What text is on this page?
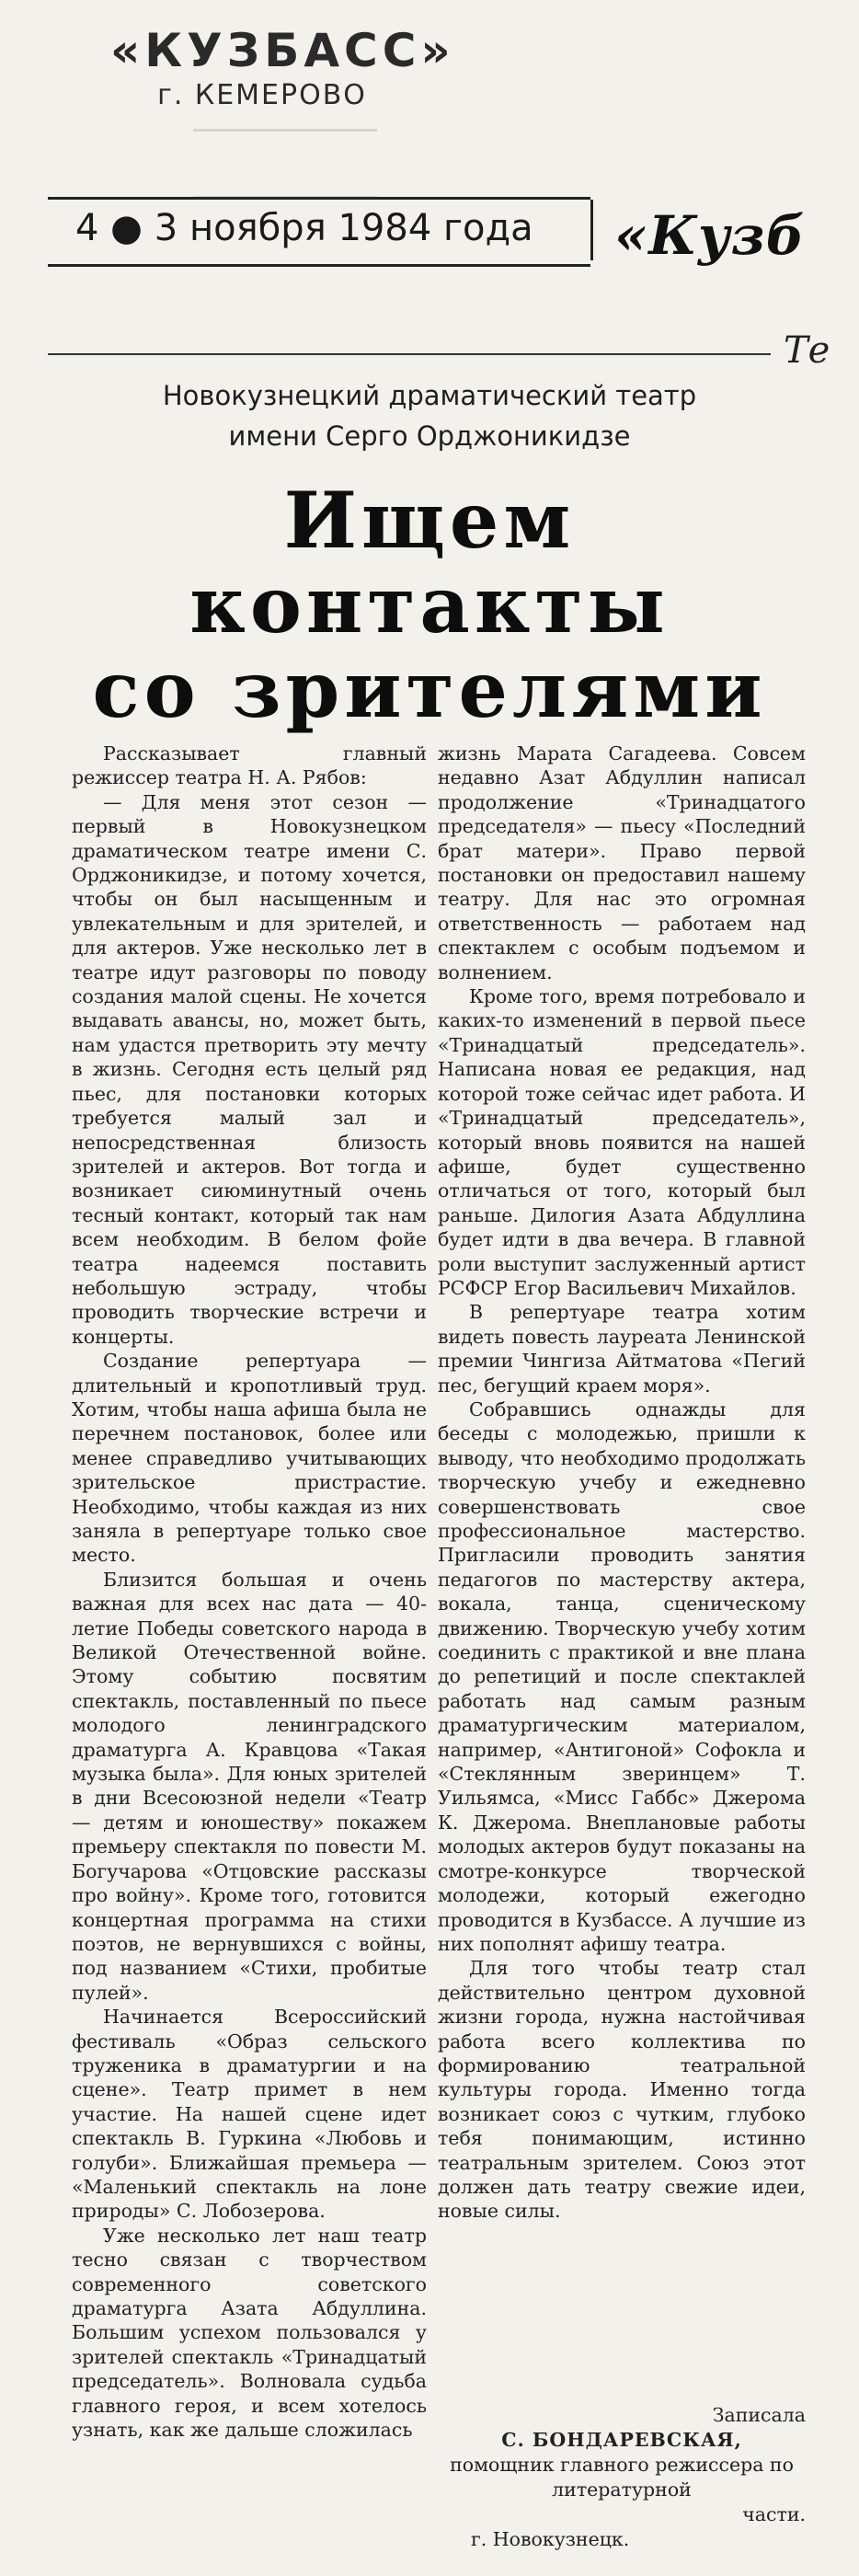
«КУЗБАСС»
г. КЕМЕРОВО
4 ● 3 ноября 1984 года «Кузб
Те
Новокузнецкий драматический театр
имени Серго Орджоникидзе
Ищем
контакты
со зрителями

Рассказывает главный режиссер театра Н. А. Рябов:

— Для меня этот сезон — первый в Новокузнецком драматическом театре имени С. Орджоникидзе, и потому хочется, чтобы он был насыщенным и увлекательным и для зрителей, и для актеров. Уже несколько лет в театре идут разговоры по поводу создания малой сцены. Не хочется выдавать авансы, но, может быть, нам удастся претворить эту мечту в жизнь. Сегодня есть целый ряд пьес, для постановки которых требуется малый зал и непосредственная близость зрителей и актеров. Вот тогда и возникает сиюминутный очень тесный контакт, который так нам всем необходим. В белом фойе театра надеемся поставить небольшую эстраду, чтобы проводить творческие встречи и концерты.

Создание репертуара — длительный и кропотливый труд. Хотим, чтобы наша афиша была не перечнем постановок, более или менее справедливо учитывающих зрительское пристрастие. Необходимо, чтобы каждая из них заняла в репертуаре только свое место.

Близится большая и очень важная для всех нас дата — 40-летие Победы советского народа в Великой Отечественной войне. Этому событию посвятим спектакль, поставленный по пьесе молодого ленинградского драматурга А. Кравцова «Такая музыка была». Для юных зрителей в дни Всесоюзной недели «Театр — детям и юношеству» покажем премьеру спектакля по повести М. Богучарова «Отцовские рассказы про войну». Кроме того, готовится концертная программа на стихи поэтов, не вернувшихся с войны, под названием «Стихи, пробитые пулей».

Начинается Всероссийский фестиваль «Образ сельского труженика в драматургии и на сцене». Театр примет в нем участие. На нашей сцене идет спектакль В. Гуркина «Любовь и голуби». Ближайшая премьера — «Маленький спектакль на лоне природы» С. Лобозерова.

Уже несколько лет наш театр тесно связан с творчеством современного советского драматурга Азата Абдуллина. Большим успехом пользовался у зрителей спектакль «Тринадцатый председатель». Волновала судьба главного героя, и всем хотелось узнать, как же дальше сложилась

жизнь Марата Сагадеева. Совсем недавно Азат Абдуллин написал продолжение «Тринадцатого председателя» — пьесу «Последний брат матери». Право первой постановки он предоставил нашему театру. Для нас это огромная ответственность — работаем над спектаклем с особым подъемом и волнением.

Кроме того, время потребовало и каких-то изменений в первой пьесе «Тринадцатый председатель». Написана новая ее редакция, над которой тоже сейчас идет работа. И «Тринадцатый председатель», который вновь появится на нашей афише, будет существенно отличаться от того, который был раньше. Дилогия Азата Абдуллина будет идти в два вечера. В главной роли выступит заслуженный артист РСФСР Егор Васильевич Михайлов.

В репертуаре театра хотим видеть повесть лауреата Ленинской премии Чингиза Айтматова «Пегий пес, бегущий краем моря».

Собравшись однажды для беседы с молодежью, пришли к выводу, что необходимо продолжать творческую учебу и ежедневно совершенствовать свое профессиональное мастерство. Пригласили проводить занятия педагогов по мастерству актера, вокала, танца, сценическому движению. Творческую учебу хотим соединить с практикой и вне плана до репетиций и после спектаклей работать над самым разным драматургическим материалом, например, «Антигоной» Софокла и «Стеклянным зверинцем» Т. Уильямса, «Мисс Габбс» Джерома К. Джерома. Внеплановые работы молодых актеров будут показаны на смотре-конкурсе творческой молодежи, который ежегодно проводится в Кузбассе. А лучшие из них пополнят афишу театра.

Для того чтобы театр стал действительно центром духовной жизни города, нужна настойчивая работа всего коллектива по формированию театральной культуры города. Именно тогда возникает союз с чутким, глубоко тебя понимающим, истинно театральным зрителем. Союз этот должен дать театру свежие идеи, новые силы.

Записала
С. БОНДАРЕВСКАЯ,
помощник главного режиссера по литературной
части.
г. Новокузнецк.
